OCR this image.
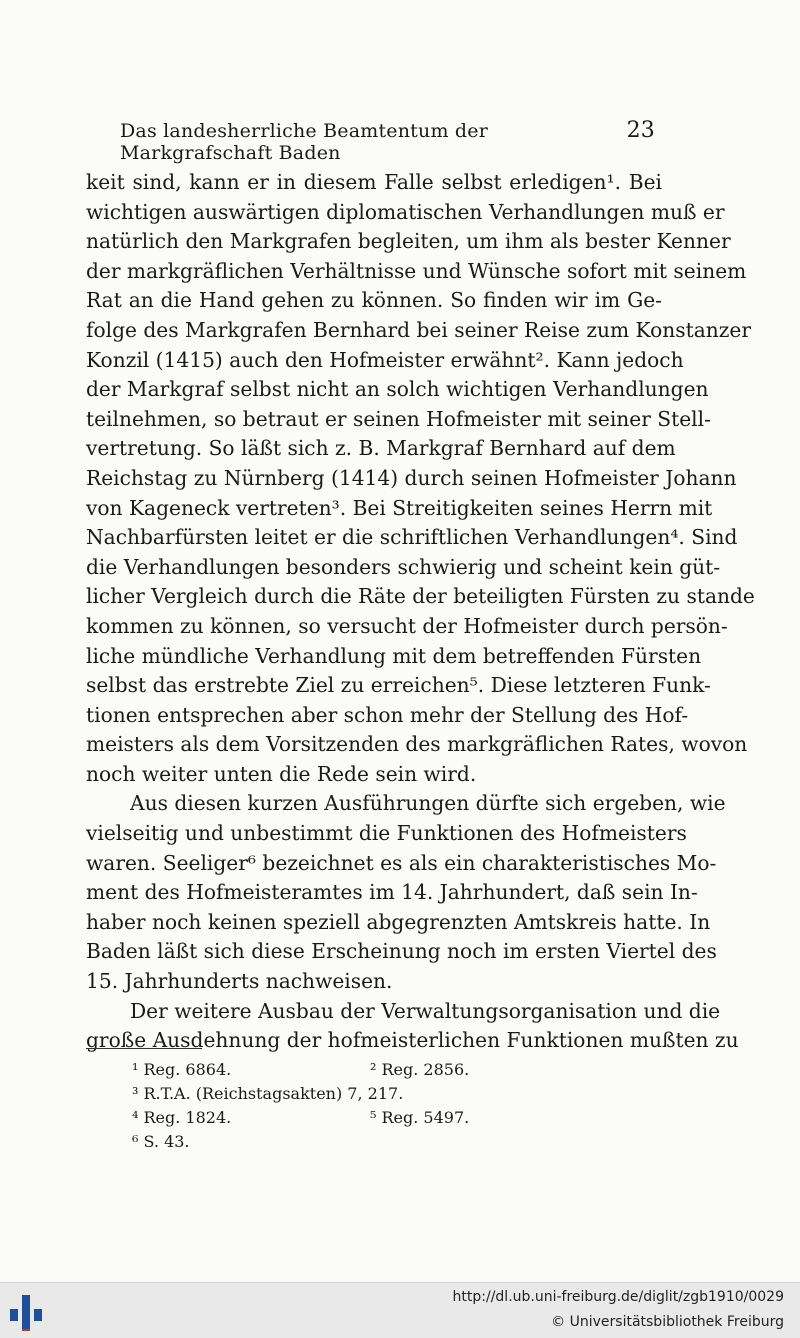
Das landesherrliche Beamtentum der Markgrafschaft Baden
23

keit sind, kann er in diesem Falle selbst erledigen¹. Bei
wichtigen auswärtigen diplomatischen Verhandlungen muß er
natürlich den Markgrafen begleiten, um ihm als bester Kenner
der markgräflichen Verhältnisse und Wünsche sofort mit seinem
Rat an die Hand gehen zu können. So finden wir im Ge-
folge des Markgrafen Bernhard bei seiner Reise zum Konstanzer
Konzil (1415) auch den Hofmeister erwähnt². Kann jedoch
der Markgraf selbst nicht an solch wichtigen Verhandlungen
teilnehmen, so betraut er seinen Hofmeister mit seiner Stell-
vertretung. So läßt sich z. B. Markgraf Bernhard auf dem
Reichstag zu Nürnberg (1414) durch seinen Hofmeister Johann
von Kageneck vertreten³. Bei Streitigkeiten seines Herrn mit
Nachbarfürsten leitet er die schriftlichen Verhandlungen⁴. Sind
die Verhandlungen besonders schwierig und scheint kein güt-
licher Vergleich durch die Räte der beteiligten Fürsten zu stande
kommen zu können, so versucht der Hofmeister durch persön-
liche mündliche Verhandlung mit dem betreffenden Fürsten
selbst das erstrebte Ziel zu erreichen⁵. Diese letzteren Funk-
tionen entsprechen aber schon mehr der Stellung des Hof-
meisters als dem Vorsitzenden des markgräflichen Rates, wovon
noch weiter unten die Rede sein wird.

Aus diesen kurzen Ausführungen dürfte sich ergeben, wie
vielseitig und unbestimmt die Funktionen des Hofmeisters
waren. Seeliger⁶ bezeichnet es als ein charakteristisches Mo-
ment des Hofmeisteramtes im 14. Jahrhundert, daß sein In-
haber noch keinen speziell abgegrenzten Amtskreis hatte. In
Baden läßt sich diese Erscheinung noch im ersten Viertel des
15. Jahrhunderts nachweisen.

Der weitere Ausbau der Verwaltungsorganisation und die
große Ausdehnung der hofmeisterlichen Funktionen mußten zu

¹ Reg. 6864.	² Reg. 2856.
³ R.T.A. (Reichstagsakten) 7, 217.
⁴ Reg. 1824.	⁵ Reg. 5497.
⁶ S. 43.
http://dl.ub.uni-freiburg.de/diglit/zgb1910/0029
© Universitätsbibliothek Freiburg
